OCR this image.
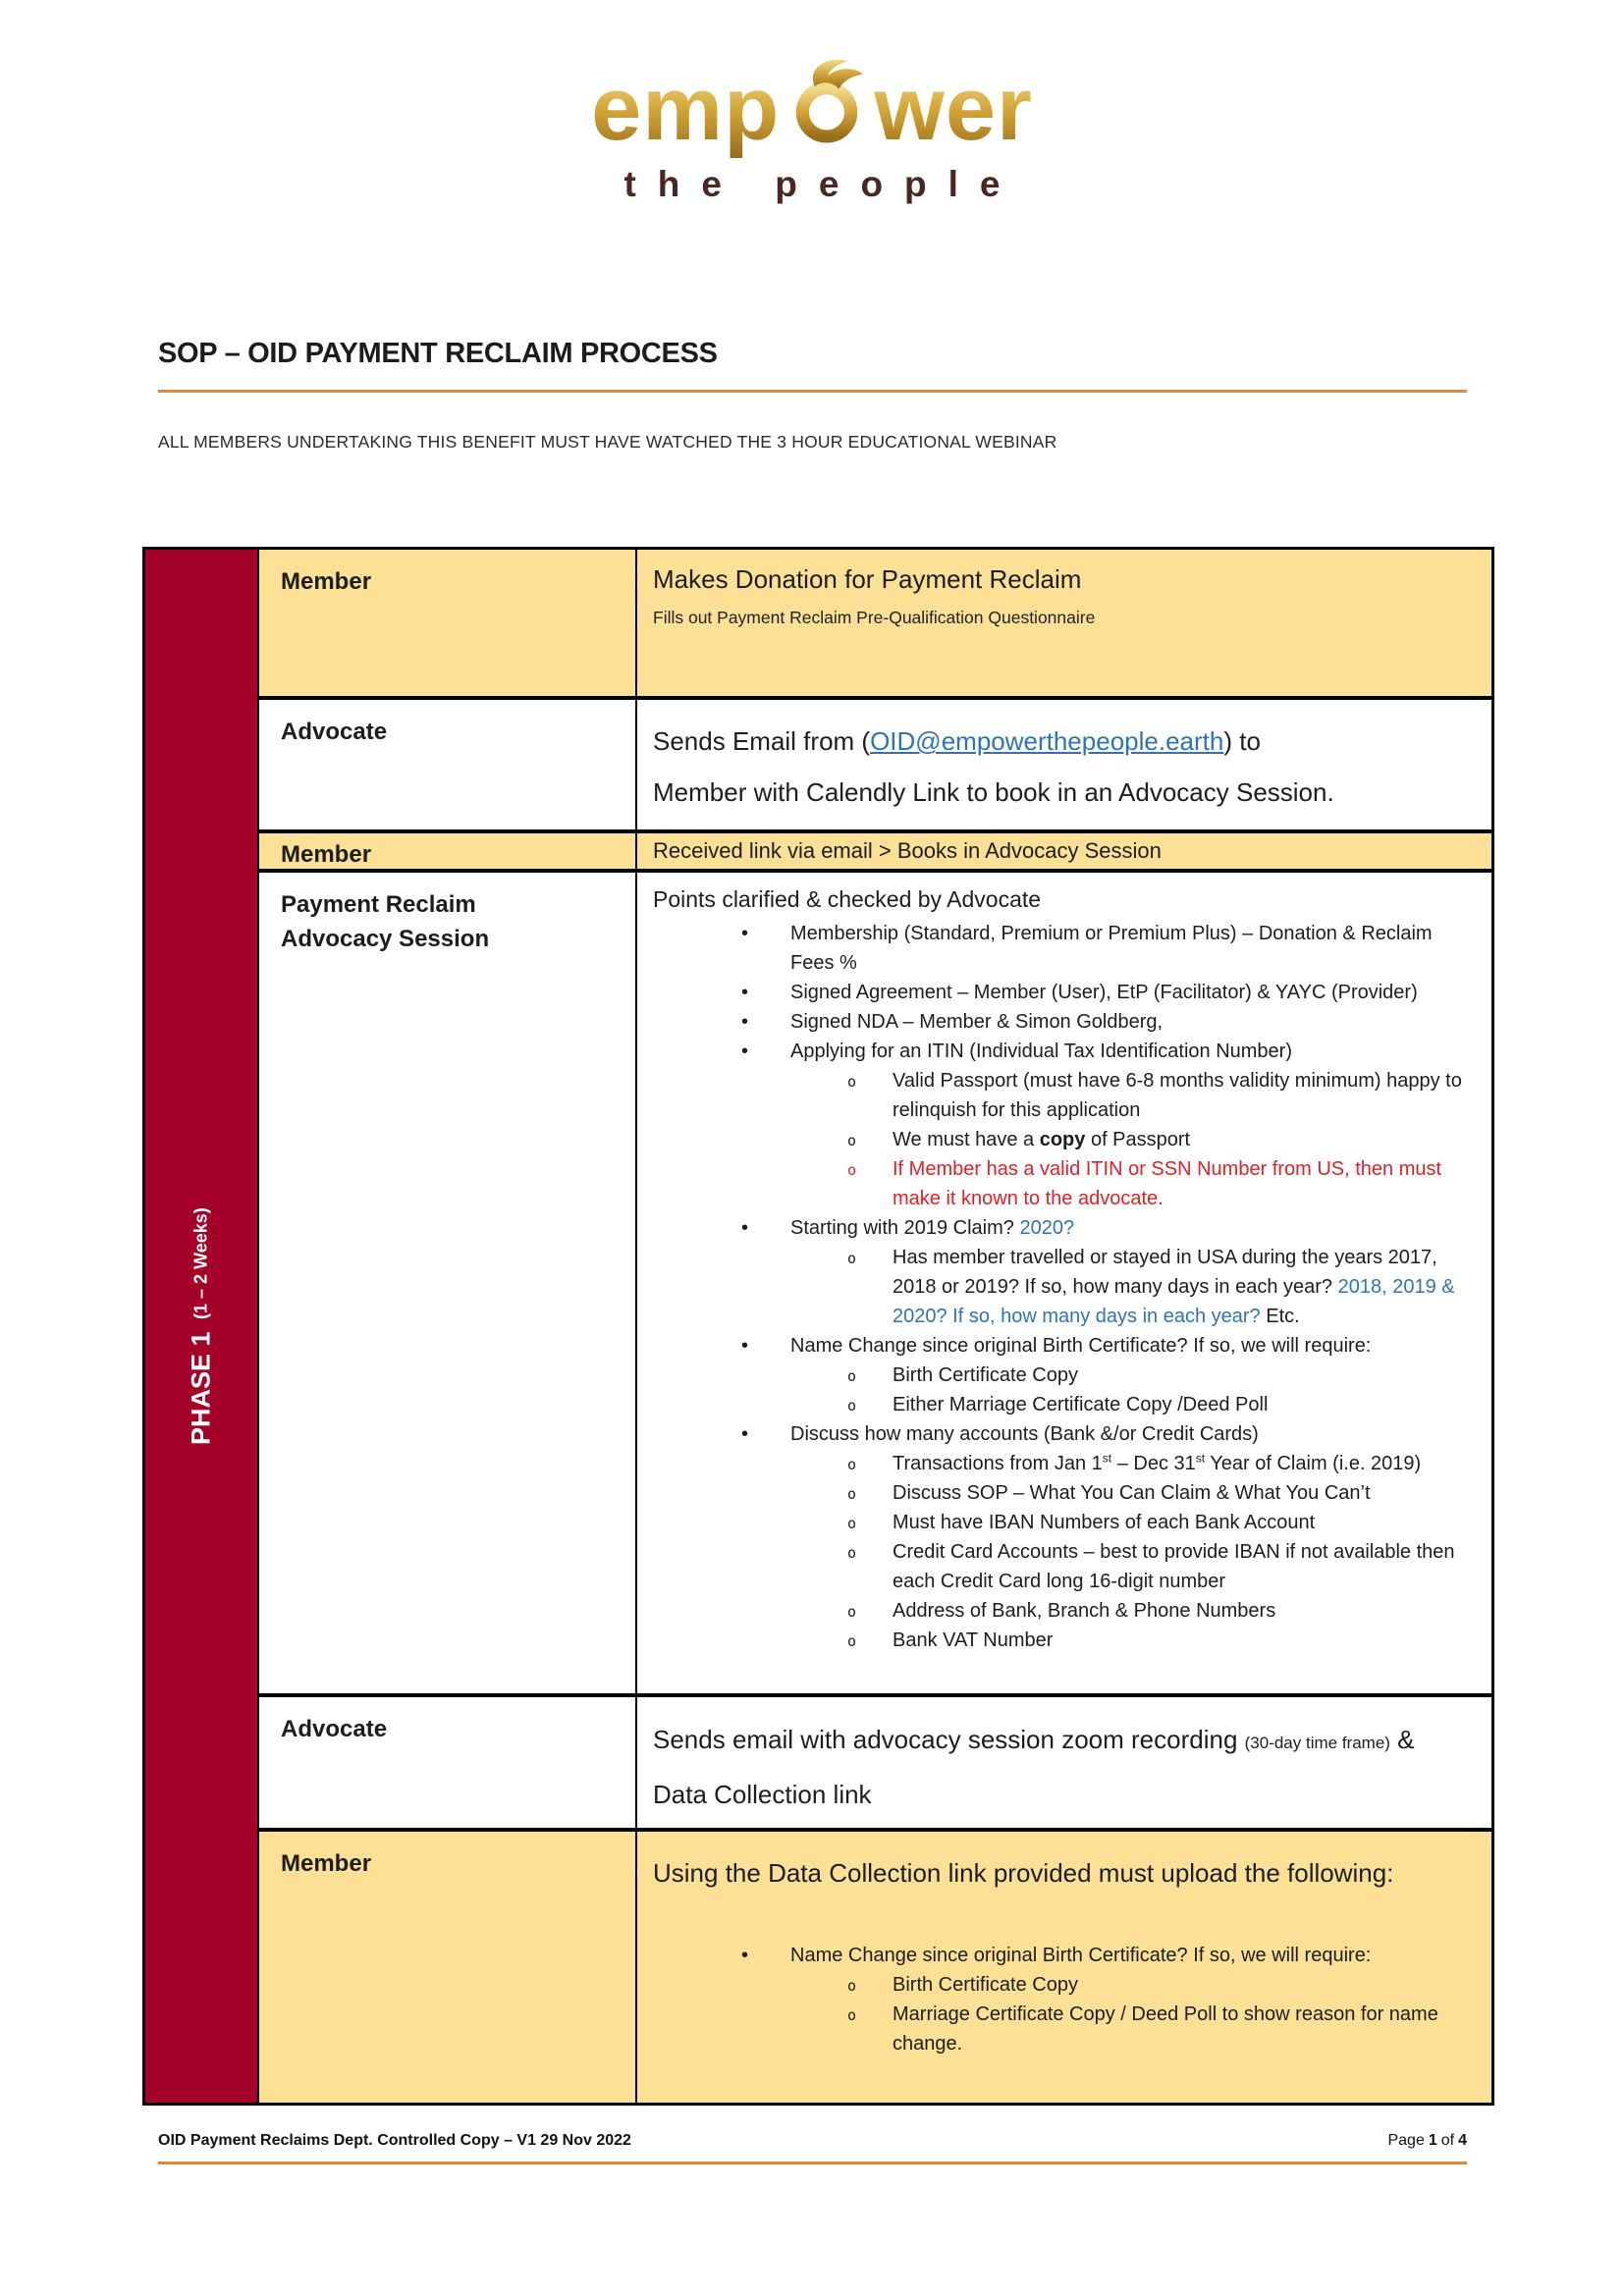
emp wer
the people
SOP – OID PAYMENT RECLAIM PROCESS

ALL MEMBERS UNDERTAKING THIS BENEFIT MUST HAVE WATCHED THE 3 HOUR EDUCATIONAL WEBINAR

PHASE 1
(1 – 2 Weeks)
Member	Makes Donation for Payment Reclaim

Fills out Payment Reclaim Pre-Qualification Questionnaire
Advocate	Sends Email from (OID@empowerthepeople.earth) to Member with Calendly Link to book in an Advocacy Session.

Member	Received link via email > Books in Advocacy Session

Payment Reclaim
Advocacy Session

Points clarified & checked by Advocate

• Membership (Standard, Premium or Premium Plus) – Donation & Reclaim Fees %
• Signed Agreement – Member (User), EtP (Facilitator) & YAYC (Provider)
• Signed NDA – Member & Simon Goldberg,
• Applying for an ITIN (Individual Tax Identification Number)
o Valid Passport (must have 6-8 months validity minimum) happy to relinquish for this application
o We must have a copy of Passport
o If Member has a valid ITIN or SSN Number from US, then must make it known to the advocate.
• Starting with 2019 Claim? 2020?
o Has member travelled or stayed in USA during the years 2017, 2018 or 2019? If so, how many days in each year? 2018, 2019 & 2020? If so, how many days in each year? Etc.
• Name Change since original Birth Certificate? If so, we will require:
o Birth Certificate Copy
o Either Marriage Certificate Copy /Deed Poll
• Discuss how many accounts (Bank &/or Credit Cards)
o Transactions from Jan 1st – Dec 31st Year of Claim (i.e. 2019)
o Discuss SOP – What You Can Claim & What You Can’t
o Must have IBAN Numbers of each Bank Account
o Credit Card Accounts – best to provide IBAN if not available then each Credit Card long 16-digit number
o Address of Bank, Branch & Phone Numbers
o Bank VAT Number
Advocate	Sends email with advocacy session zoom recording (30-day time frame) & Data Collection link

Member	Using the Data Collection link provided must upload the following:

• Name Change since original Birth Certificate? If so, we will require:
o Birth Certificate Copy
o Marriage Certificate Copy / Deed Poll to show reason for name change.
OID Payment Reclaims Dept. Controlled Copy – V1 29 Nov 2022	Page 1 of 4
